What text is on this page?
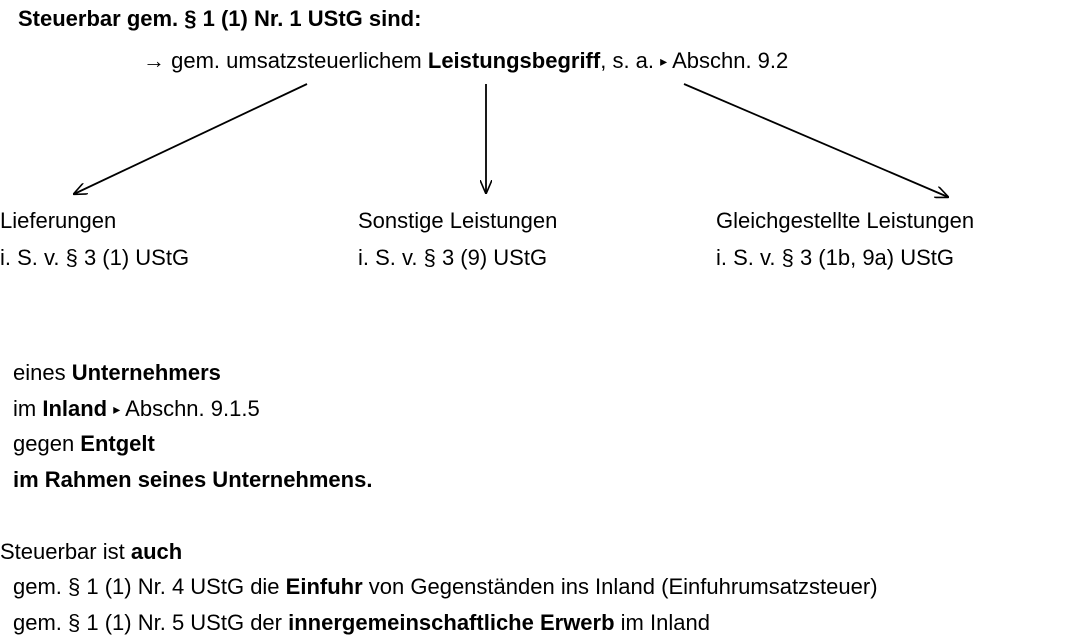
Steuerbar gem. § 1 (1) Nr. 1 UStG sind:
→ gem. umsatzsteuerlichem Leistungsbegriff, s. a. ▸ Abschn. 9.2
Lieferungen
i. S. v. § 3 (1) UStG
Sonstige Leistungen
i. S. v. § 3 (9) UStG
Gleichgestellte Leistungen
i. S. v. § 3 (1b, 9a) UStG
eines Unternehmers
im Inland ▸ Abschn. 9.1.5
gegen Entgelt
im Rahmen seines Unternehmens.
Steuerbar ist auch
gem. § 1 (1) Nr. 4 UStG die Einfuhr von Gegenständen ins Inland (Einfuhrumsatzsteuer)
gem. § 1 (1) Nr. 5 UStG der innergemeinschaftliche Erwerb im Inland
